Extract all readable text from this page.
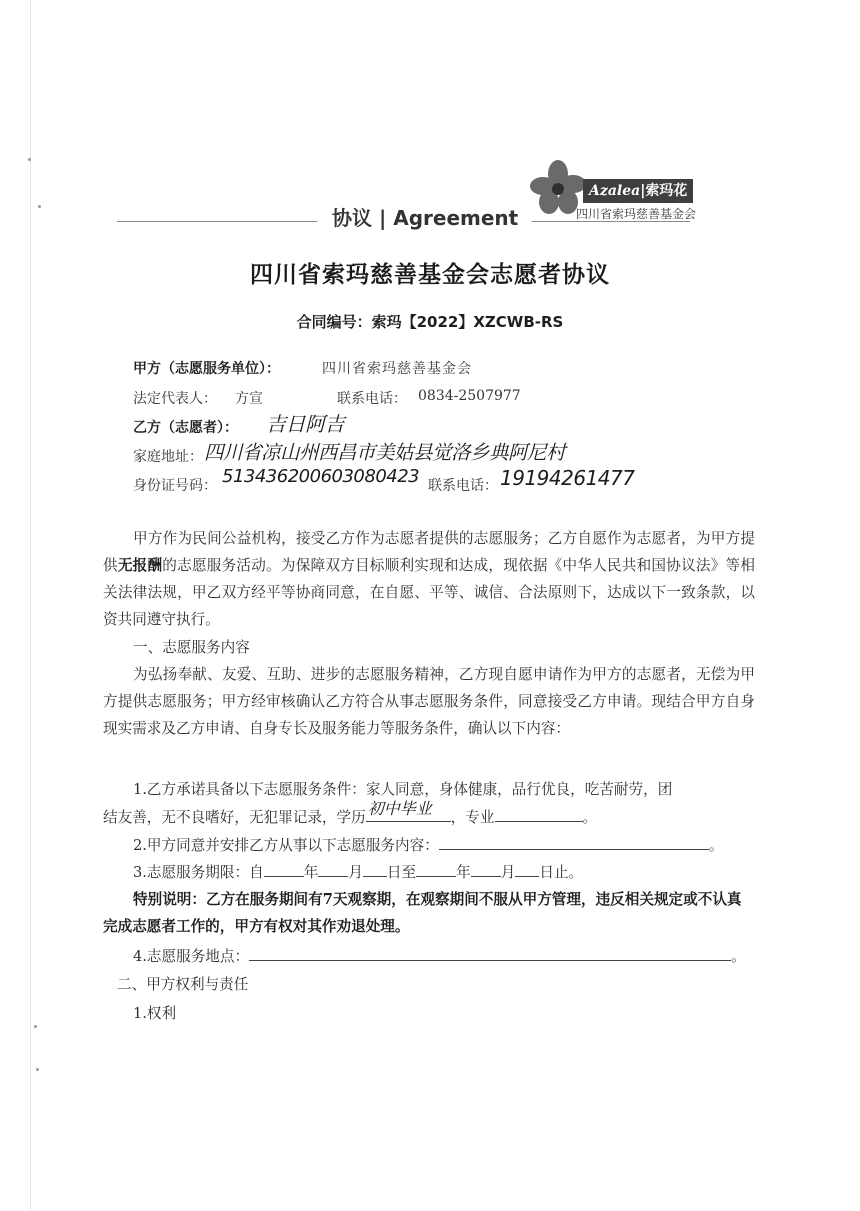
协议 | Agreement
Azalea|索玛花
四川省索玛慈善基金会
四川省索玛慈善基金会志愿者协议
合同编号：索玛【2022】XZCWB-RS
甲方（志愿服务单位）：	四川省索玛慈善基金会
法定代表人： 方宣	联系电话： 0834-2507977
乙方（志愿者）： 吉日阿吉
家庭地址： 四川省凉山州西昌市美姑县觉洛乡典阿尼村
身份证号码： 513436200603080423 联系电话： 19194261477
甲方作为民间公益机构，接受乙方作为志愿者提供的志愿服务；乙方自愿作为志愿者，为甲方提供无报酬的志愿服务活动。为保障双方目标顺利实现和达成，现依据《中华人民共和国协议法》等相关法律法规，甲乙双方经平等协商同意，在自愿、平等、诚信、合法原则下，达成以下一致条款，以资共同遵守执行。
一、志愿服务内容
为弘扬奉献、友爱、互助、进步的志愿服务精神，乙方现自愿申请作为甲方的志愿者，无偿为甲方提供志愿服务；甲方经审核确认乙方符合从事志愿服务条件，同意接受乙方申请。现结合甲方自身现实需求及乙方申请、自身专长及服务能力等服务条件，确认以下内容：
1.乙方承诺具备以下志愿服务条件：家人同意，身体健康，品行优良，吃苦耐劳，团
结友善，无不良嗜好，无犯罪记录，学历 初中毕业 ，专业	。
2.甲方同意并安排乙方从事以下志愿服务内容：	。
3.志愿服务期限：自	年 月 日至	年 月 日止。
特别说明：乙方在服务期间有7天观察期，在观察期间不服从甲方管理，违反相关规定或不认真完成志愿者工作的，甲方有权对其作劝退处理。
4.志愿服务地点：	。
二、甲方权利与责任
1.权利
